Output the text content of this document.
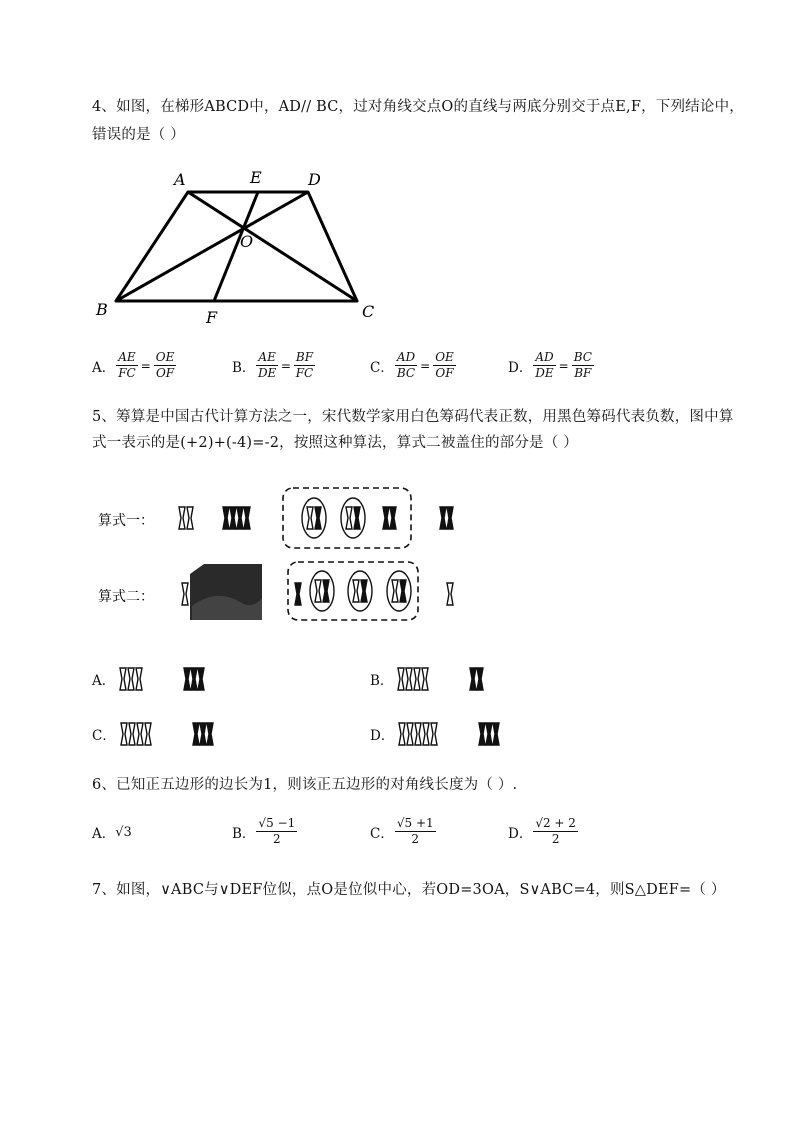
4、如图，在梯形ABCD中，AD// BC，过对角线交点O的直线与两底分别交于点E,F，下列结论中，
错误的是（ ）
A	E	D
O
B	F	C
A． $\frac{AE}{FC} = \frac{OE}{OF}$	B． $\frac{AE}{DE} = \frac{BF}{FC}$	C． $\frac{AD}{BC} = \frac{OE}{OF}$	D． $\frac{AD}{DE} = \frac{BC}{BF}$
5、筹算是中国古代计算方法之一，宋代数学家用白色筹码代表正数，用黑色筹码代表负数，图中算
式一表示的是(+2)+(-4)=-2，按照这种算法，算式二被盖住的部分是（ ）
算式一：
算式二：
A．	B．
C．	D．
6、已知正五边形的边长为1，则该正五边形的对角线长度为（ ）.
A． √3	B． $\frac{√5 -1}{2}$	C． $\frac{√5 +1}{2}$	D． $\frac{√2 + 2}{2}$
7、如图，∨ABC与∨DEF位似，点O是位似中心，若OD=3OA，S∨ABC=4，则S△DEF=（ ）
